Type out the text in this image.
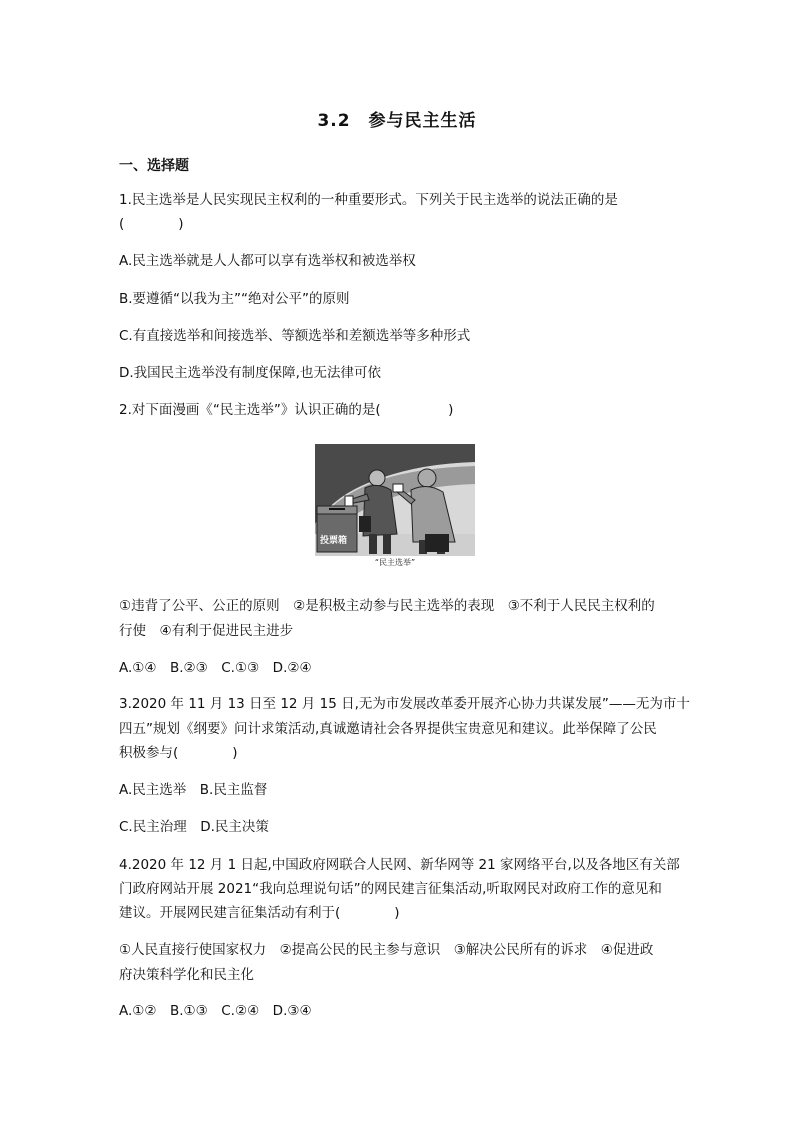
3.2　参与民主生活
一、选择题
1.民主选举是人民实现民主权利的一种重要形式。下列关于民主选举的说法正确的是
(　　　　)
A.民主选举就是人人都可以享有选举权和被选举权
B.要遵循“以我为主”“绝对公平”的原则
C.有直接选举和间接选举、等额选举和差额选举等多种形式
D.我国民主选举没有制度保障,也无法律可依
2.对下面漫画《“民主选举”》认识正确的是(　　　　　)
投票箱
“民主选举”
①违背了公平、公正的原则　②是积极主动参与民主选举的表现　③不利于人民民主权利的
行使　④有利于促进民主进步
A.①④　B.②③　C.①③　D.②④
3.2020 年 11 月 13 日至 12 月 15 日,无为市发展改革委开展齐心协力共谋发展”——无为市十
四五”规划《纲要》问计求策活动,真诚邀请社会各界提供宝贵意见和建议。此举保障了公民
积极参与(　　　　)
A.民主选举　B.民主监督
C.民主治理　D.民主决策
4.2020 年 12 月 1 日起,中国政府网联合人民网、新华网等 21 家网络平台,以及各地区有关部
门政府网站开展 2021“我向总理说句话”的网民建言征集活动,听取网民对政府工作的意见和
建议。开展网民建言征集活动有利于(　　　　)
①人民直接行使国家权力　②提高公民的民主参与意识　③解决公民所有的诉求　④促进政
府决策科学化和民主化
A.①②　B.①③　C.②④　D.③④
